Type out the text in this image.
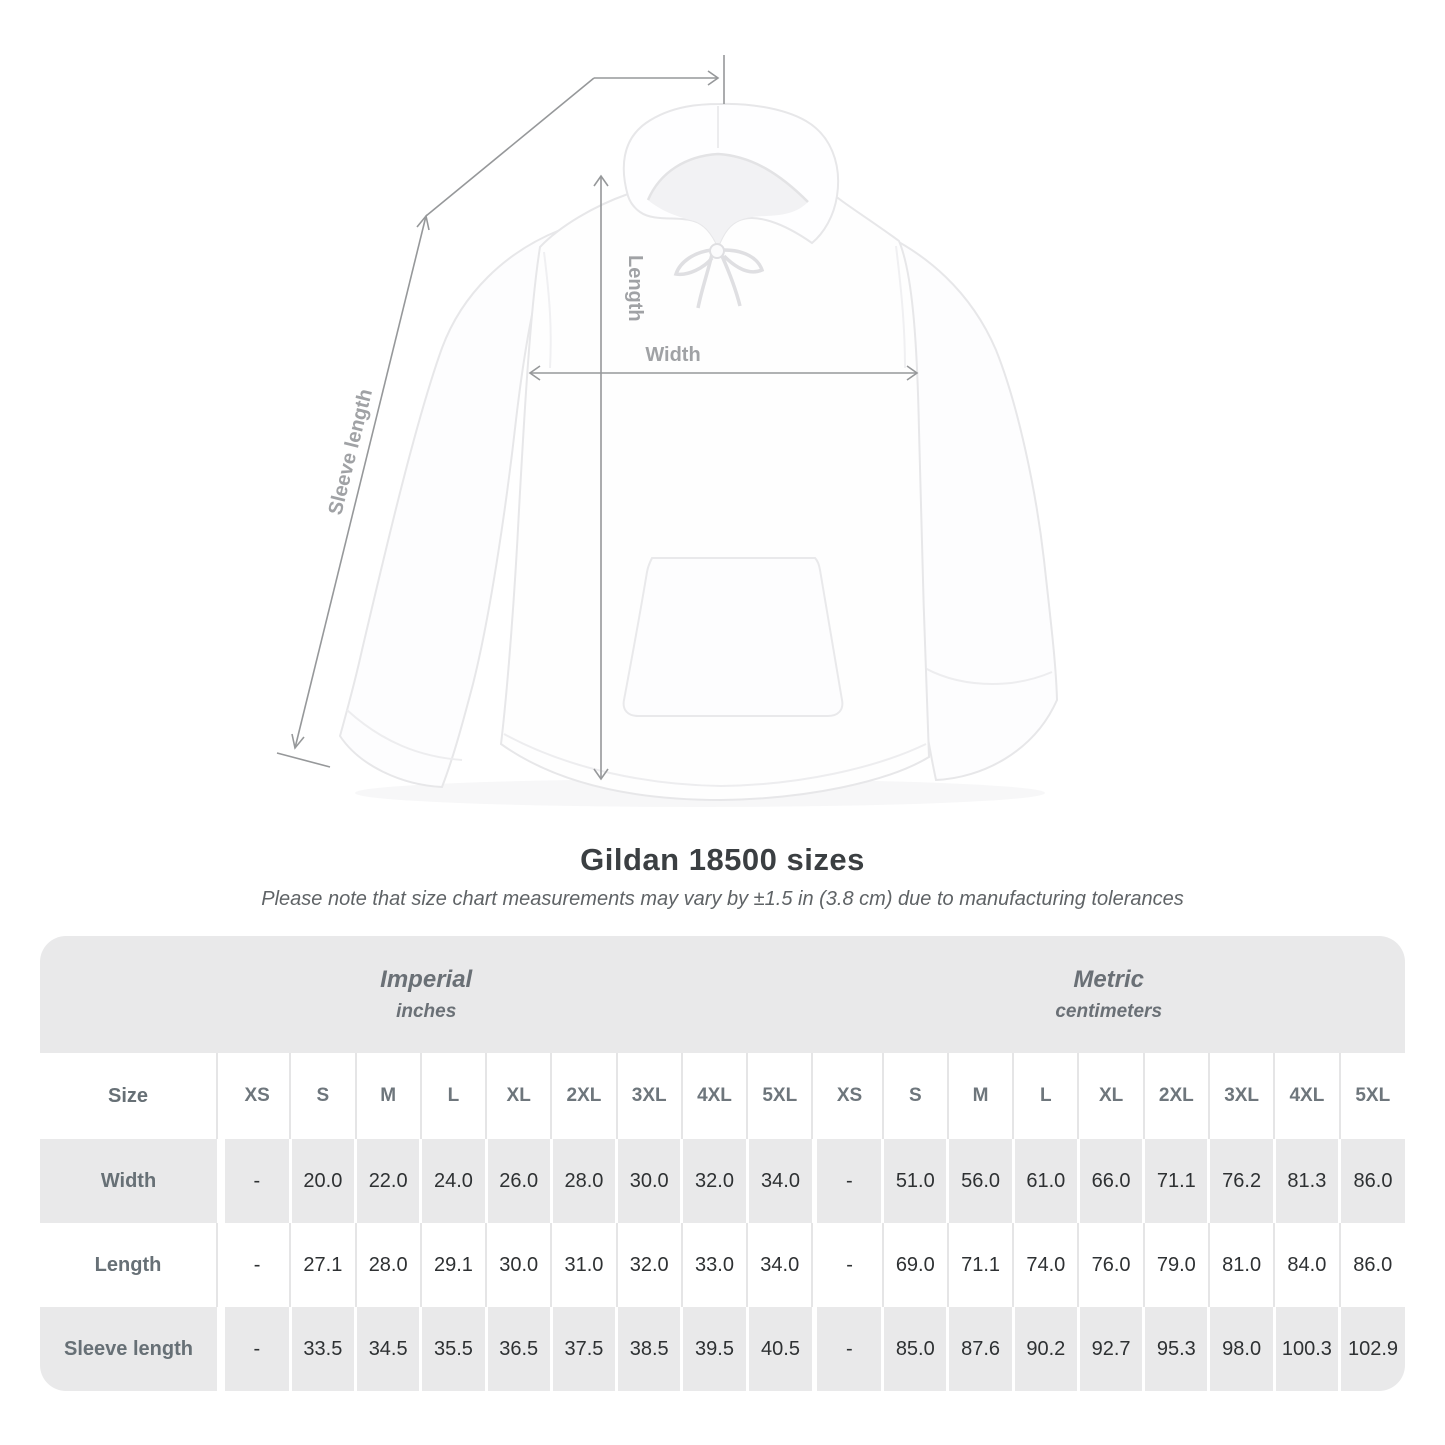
Length
Width
Sleeve length
Gildan 18500 sizes

Please note that size chart measurements may vary by ±1.5 in (3.8 cm) due to manufacturing tolerances

Imperial
inches

Metric
centimeters

Size		XS	S	M	L	XL	2XL	3XL	4XL	5XL		XS	S	M	L	XL	2XL	3XL	4XL	5XL
Width		-	20.0	22.0	24.0	26.0	28.0	30.0	32.0	34.0		-	51.0	56.0	61.0	66.0	71.1	76.2	81.3	86.0
Length		-	27.1	28.0	29.1	30.0	31.0	32.0	33.0	34.0		-	69.0	71.1	74.0	76.0	79.0	81.0	84.0	86.0
Sleeve length		-	33.5	34.5	35.5	36.5	37.5	38.5	39.5	40.5		-	85.0	87.6	90.2	92.7	95.3	98.0	100.3	102.9
